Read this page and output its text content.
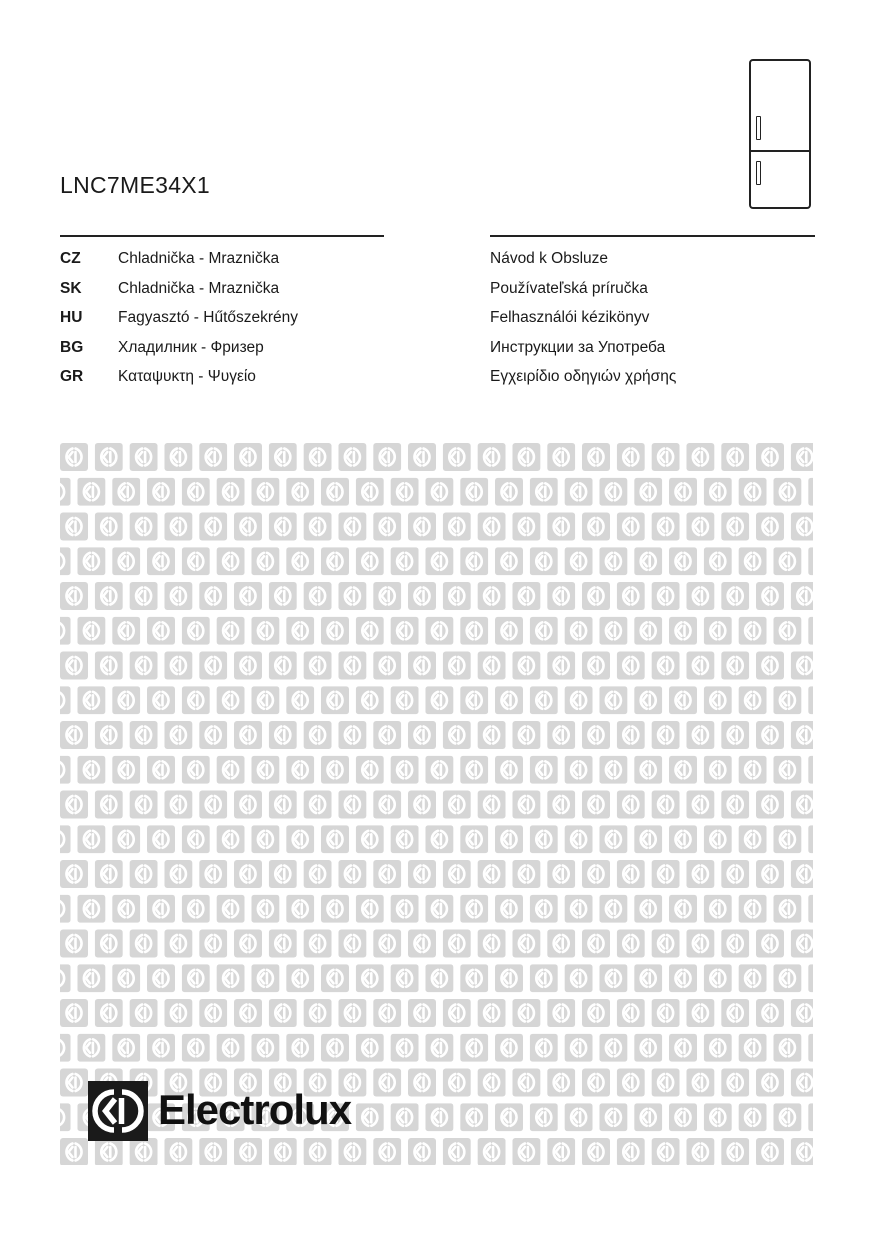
LNC7ME34X1
CZ Chladnička - Mraznička	Návod k Obsluze
SK Chladnička - Mraznička	Používateľská príručka
HU Fagyasztó - Hűtőszekrény	Felhasználói kézikönyv
BG Хладилник - Фризер	Инструкции за Употреба
GR Καταψυκτη - Ψυγείο	Εγχειρίδιο οδηγιών χρήσης
Electrolux
